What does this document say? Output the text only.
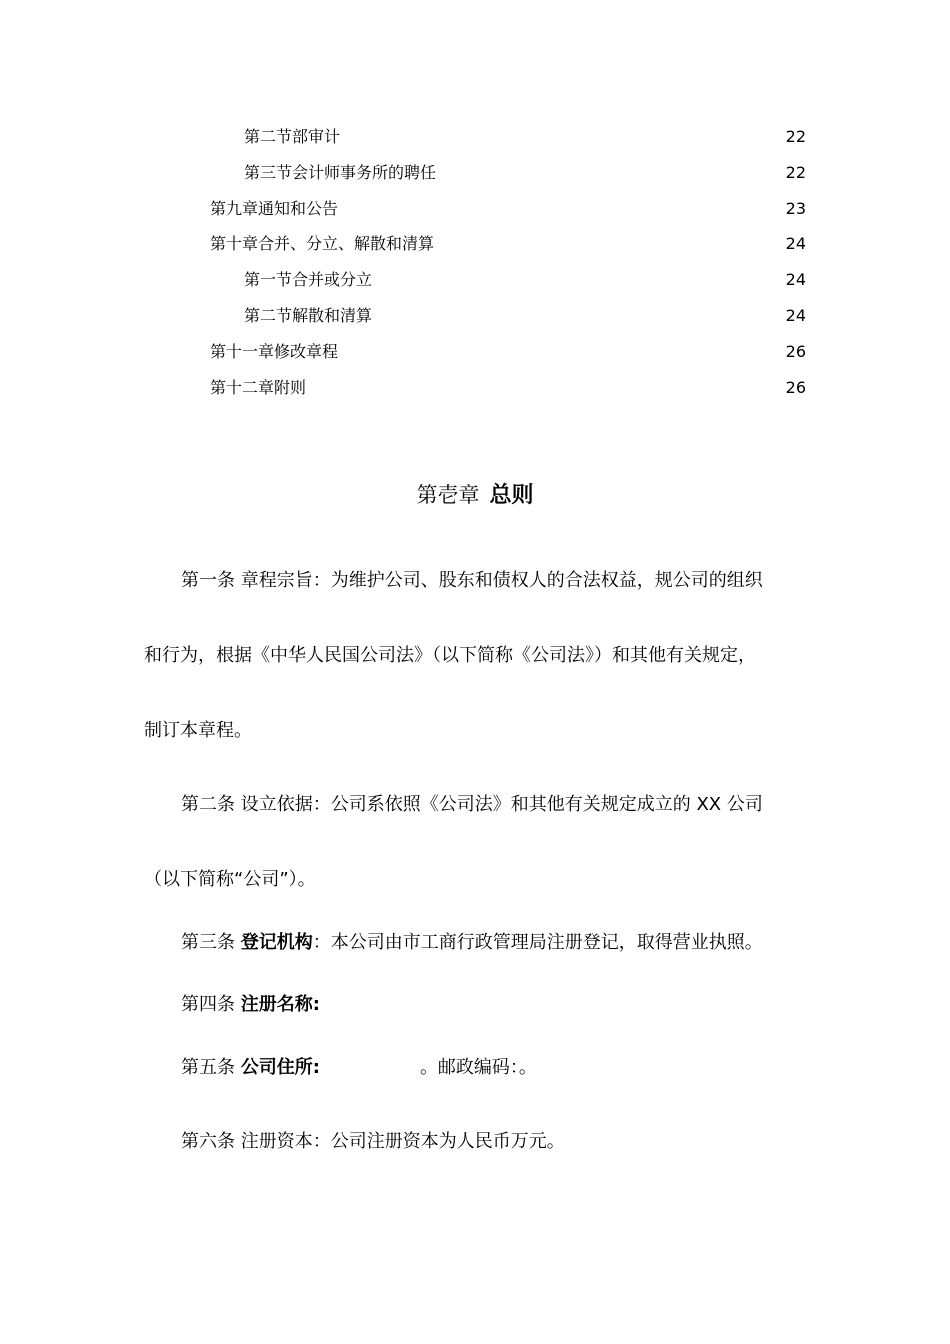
第二节部审计	22
第三节会计师事务所的聘任	22
第九章通知和公告	23
第十章合并、分立、解散和清算	24
第一节合并或分立	24
第二节解散和清算	24
第十一章修改章程	26
第十二章附则	26
第壱章 总则
第一条 章程宗旨：为维护公司、股东和债权人的合法权益，规公司的组织
和行为，根据《中华人民国公司法》（以下简称《公司法》）和其他有关规定，
制订本章程。
第二条 设立依据：公司系依照《公司法》和其他有关规定成立的 XX 公司
（以下简称“公司”）。
第三条 登记机构：本公司由市工商行政管理局注册登记，取得营业执照。
第四条 注册名称:
第五条 公司住所:	。邮政编码：。
第六条 注册资本：公司注册资本为人民币万元。
